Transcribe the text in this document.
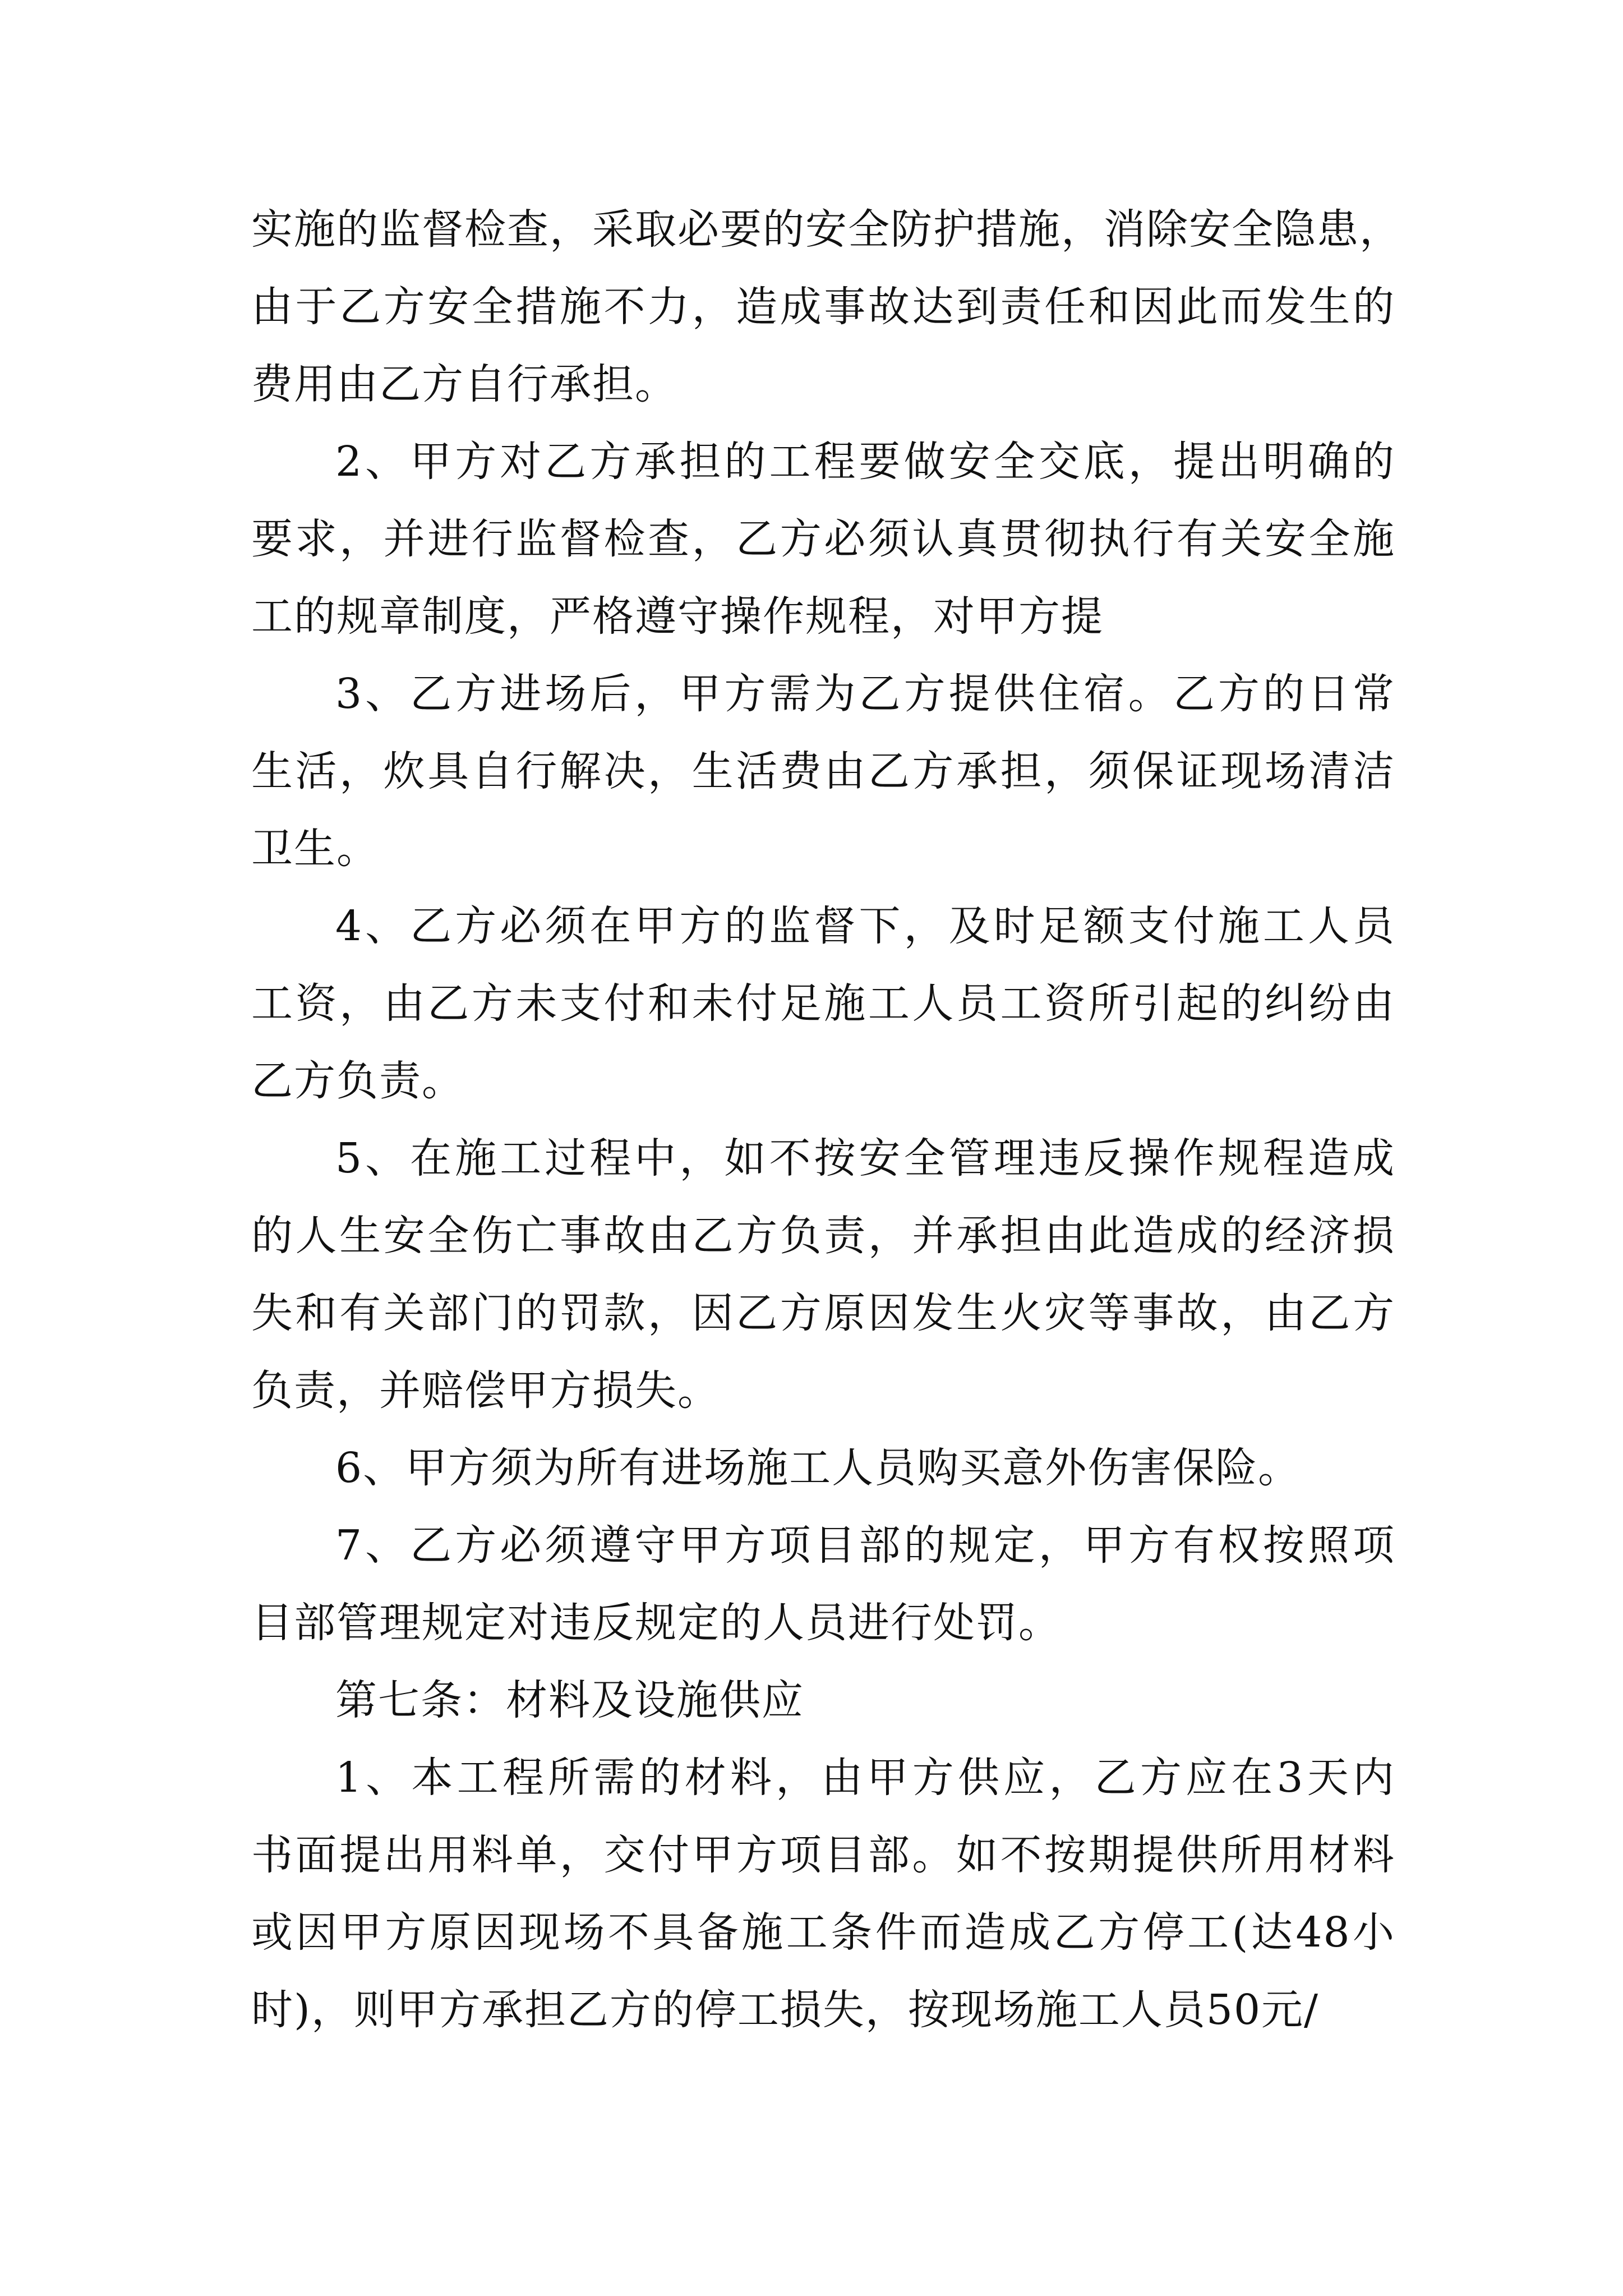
实施的监督检查，采取必要的安全防护措施，消除安全隐患，
由于乙方安全措施不力，造成事故达到责任和因此而发生的
费用由乙方自行承担。

2、甲方对乙方承担的工程要做安全交底，提出明确的
要求，并进行监督检查，乙方必须认真贯彻执行有关安全施
工的规章制度，严格遵守操作规程，对甲方提

3、乙方进场后，甲方需为乙方提供住宿。乙方的日常
生活，炊具自行解决，生活费由乙方承担，须保证现场清洁
卫生。

4、乙方必须在甲方的监督下，及时足额支付施工人员
工资，由乙方未支付和未付足施工人员工资所引起的纠纷由
乙方负责。

5、在施工过程中，如不按安全管理违反操作规程造成
的人生安全伤亡事故由乙方负责，并承担由此造成的经济损
失和有关部门的罚款，因乙方原因发生火灾等事故，由乙方
负责，并赔偿甲方损失。

6、甲方须为所有进场施工人员购买意外伤害保险。

7、乙方必须遵守甲方项目部的规定，甲方有权按照项
目部管理规定对违反规定的人员进行处罚。

第七条：材料及设施供应

1、本工程所需的材料，由甲方供应，乙方应在3天内
书面提出用料单，交付甲方项目部。如不按期提供所用材料
或因甲方原因现场不具备施工条件而造成乙方停工(达48小
时)，则甲方承担乙方的停工损失，按现场施工人员50元/
